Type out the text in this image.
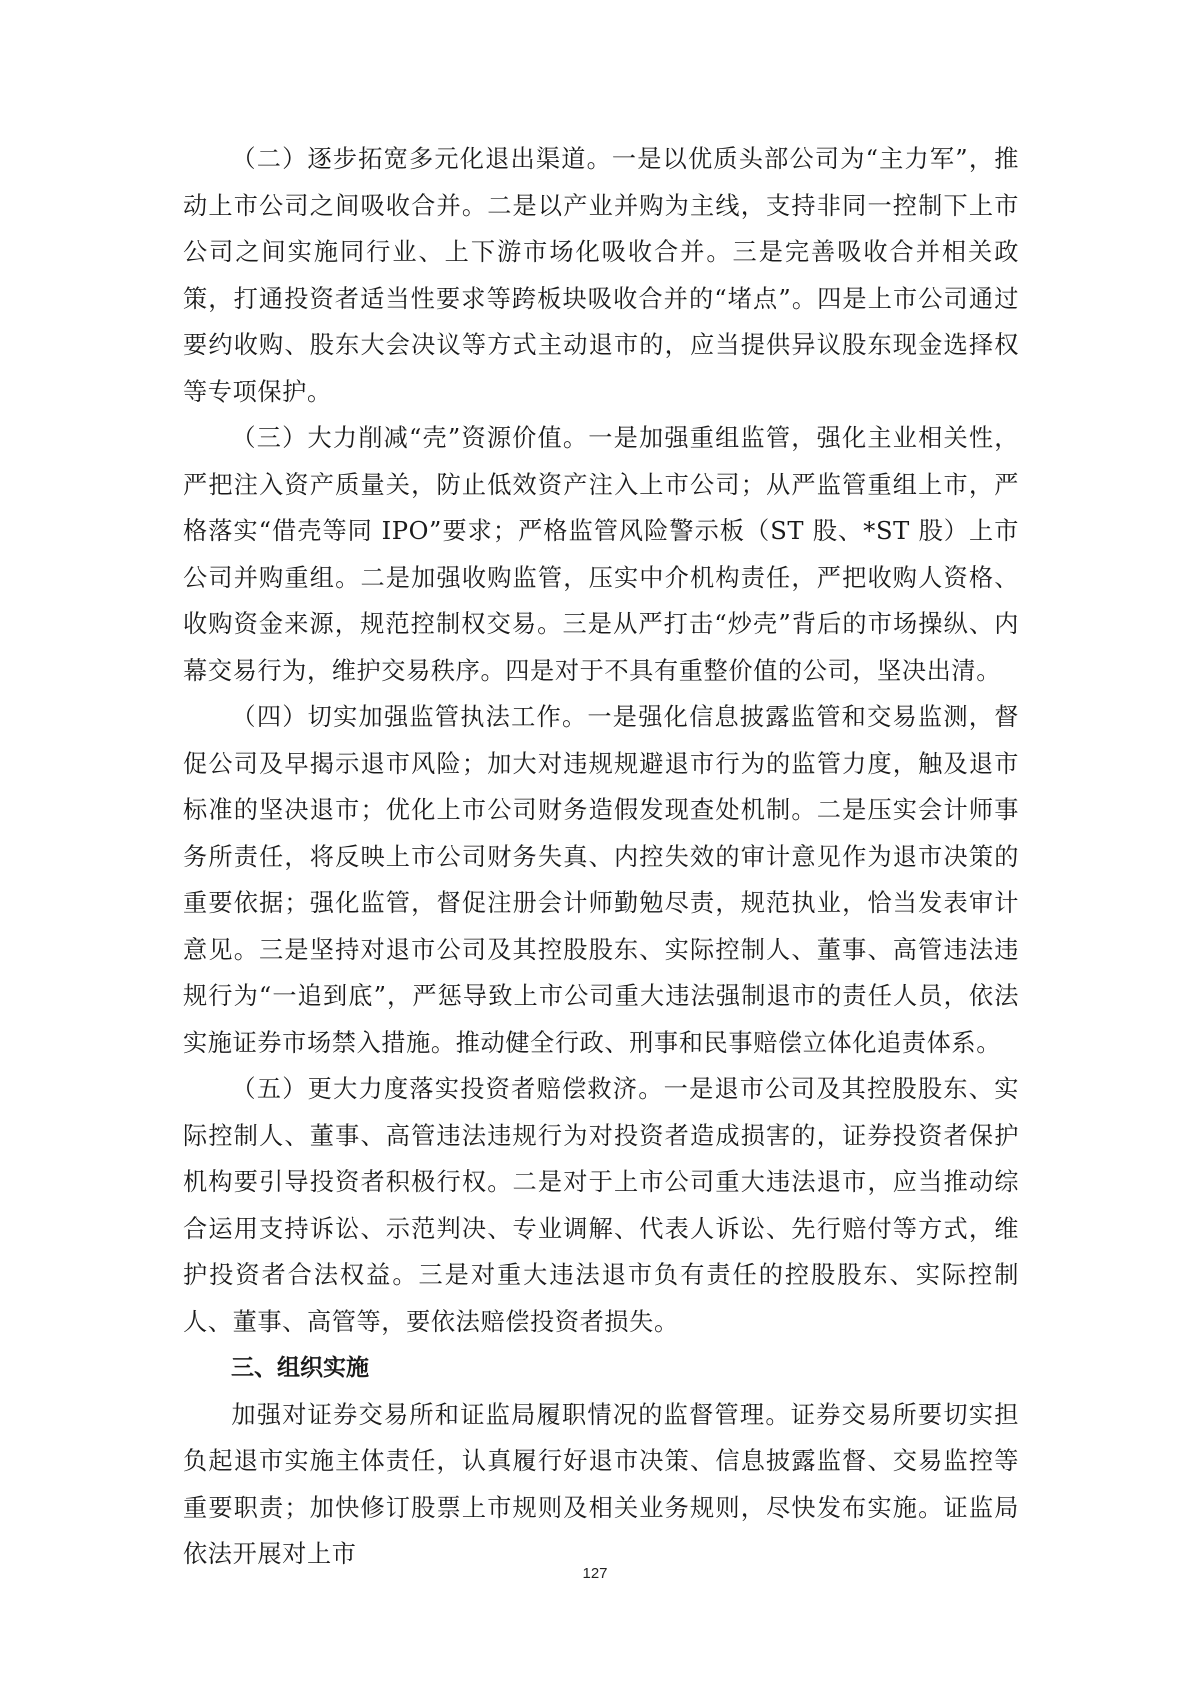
（二）逐步拓宽多元化退出渠道。一是以优质头部公司为“主力军”，推动上市公司之间吸收合并。二是以产业并购为主线，支持非同一控制下上市公司之间实施同行业、上下游市场化吸收合并。三是完善吸收合并相关政策，打通投资者适当性要求等跨板块吸收合并的“堵点”。四是上市公司通过要约收购、股东大会决议等方式主动退市的，应当提供异议股东现金选择权等专项保护。

（三）大力削减“壳”资源价值。一是加强重组监管，强化主业相关性，严把注入资产质量关，防止低效资产注入上市公司；从严监管重组上市，严格落实“借壳等同 IPO”要求；严格监管风险警示板（ST 股、*ST 股）上市公司并购重组。二是加强收购监管，压实中介机构责任，严把收购人资格、收购资金来源，规范控制权交易。三是从严打击“炒壳”背后的市场操纵、内幕交易行为，维护交易秩序。四是对于不具有重整价值的公司，坚决出清。

（四）切实加强监管执法工作。一是强化信息披露监管和交易监测，督促公司及早揭示退市风险；加大对违规规避退市行为的监管力度，触及退市标准的坚决退市；优化上市公司财务造假发现查处机制。二是压实会计师事务所责任，将反映上市公司财务失真、内控失效的审计意见作为退市决策的重要依据；强化监管，督促注册会计师勤勉尽责，规范执业，恰当发表审计意见。三是坚持对退市公司及其控股股东、实际控制人、董事、高管违法违规行为“一追到底”，严惩导致上市公司重大违法强制退市的责任人员，依法实施证券市场禁入措施。推动健全行政、刑事和民事赔偿立体化追责体系。

（五）更大力度落实投资者赔偿救济。一是退市公司及其控股股东、实际控制人、董事、高管违法违规行为对投资者造成损害的，证券投资者保护机构要引导投资者积极行权。二是对于上市公司重大违法退市，应当推动综合运用支持诉讼、示范判决、专业调解、代表人诉讼、先行赔付等方式，维护投资者合法权益。三是对重大违法退市负有责任的控股股东、实际控制人、董事、高管等，要依法赔偿投资者损失。

三、组织实施

加强对证券交易所和证监局履职情况的监督管理。证券交易所要切实担负起退市实施主体责任，认真履行好退市决策、信息披露监督、交易监控等重要职责；加快修订股票上市规则及相关业务规则，尽快发布实施。证监局依法开展对上市

127
